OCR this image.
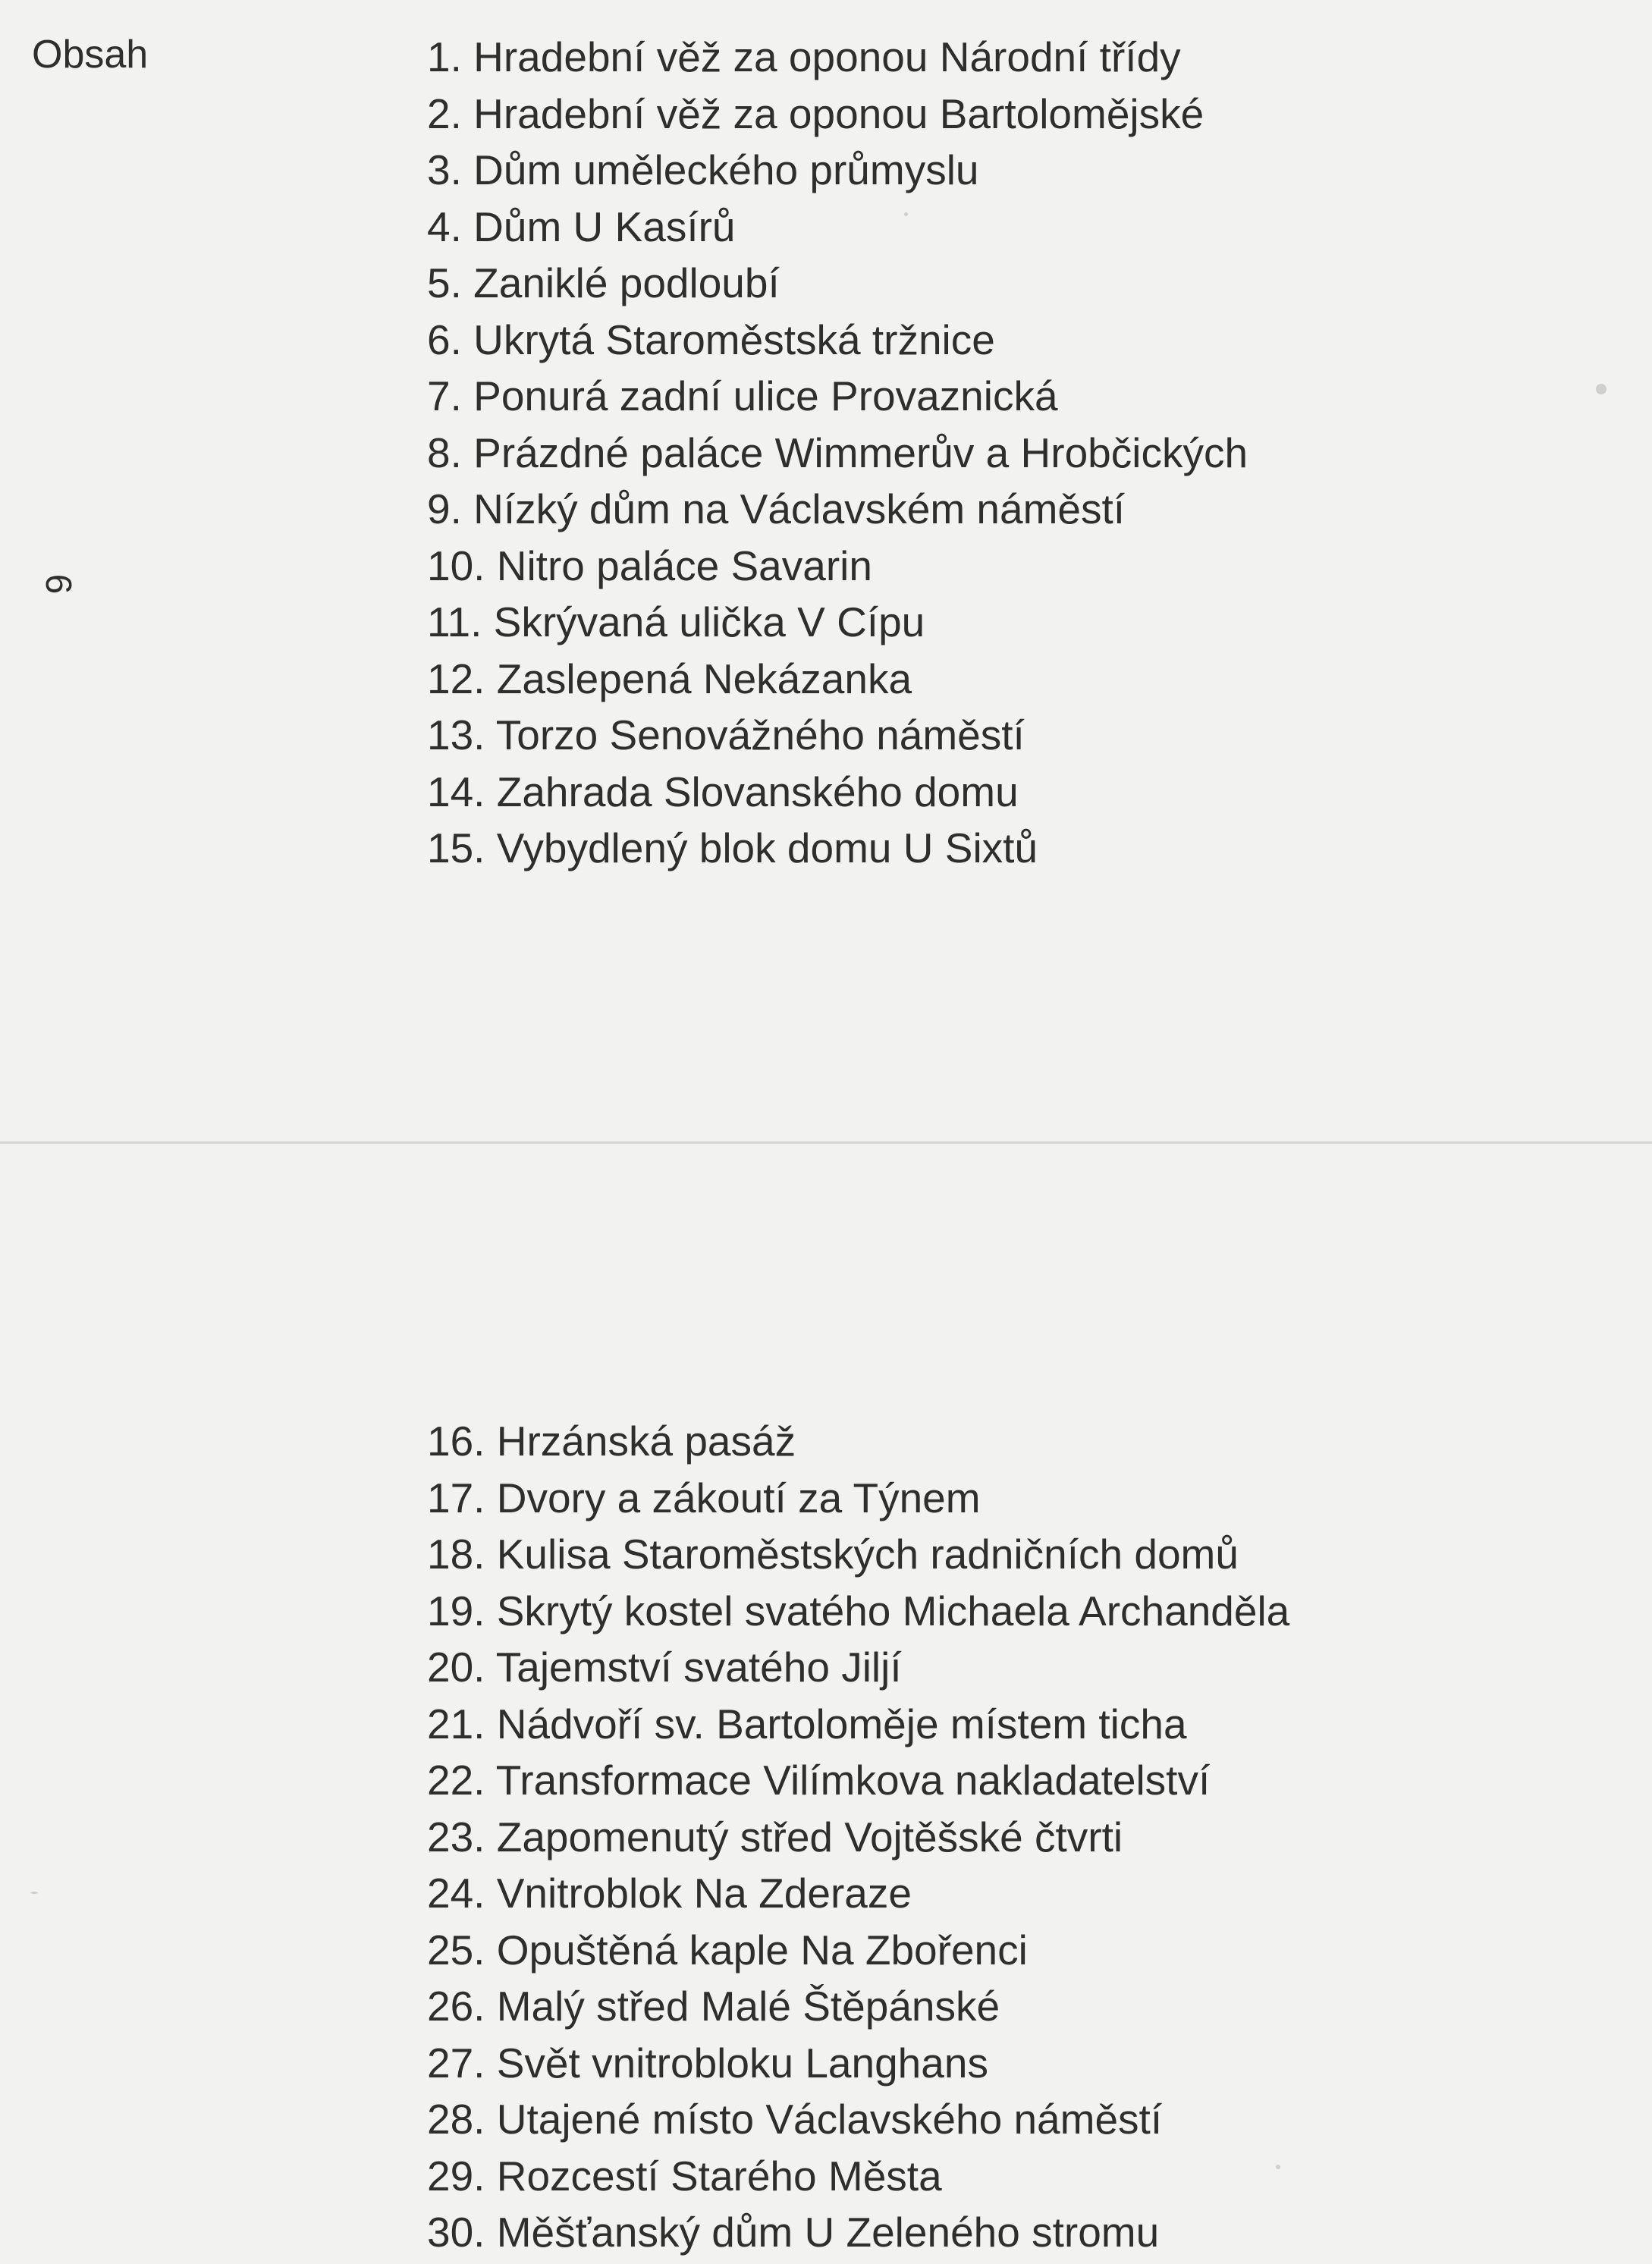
Obsah
6
1. Hradební věž za oponou Národní třídy
2. Hradební věž za oponou Bartolomějské
3. Dům uměleckého průmyslu
4. Dům U Kasírů
5. Zaniklé podloubí
6. Ukrytá Staroměstská tržnice
7. Ponurá zadní ulice Provaznická
8. Prázdné paláce Wimmerův a Hrobčických
9. Nízký dům na Václavském náměstí
10. Nitro paláce Savarin
11. Skrývaná ulička V Cípu
12. Zaslepená Nekázanka
13. Torzo Senovážného náměstí
14. Zahrada Slovanského domu
15. Vybydlený blok domu U Sixtů
16. Hrzánská pasáž
17. Dvory a zákoutí za Týnem
18. Kulisa Staroměstských radničních domů
19. Skrytý kostel svatého Michaela Archanděla
20. Tajemství svatého Jiljí
21. Nádvoří sv. Bartoloměje místem ticha
22. Transformace Vilímkova nakladatelství
23. Zapomenutý střed Vojtěšské čtvrti
24. Vnitroblok Na Zderaze
25. Opuštěná kaple Na Zbořenci
26. Malý střed Malé Štěpánské
27. Svět vnitrobloku Langhans
28. Utajené místo Václavského náměstí
29. Rozcestí Starého Města
30. Měšťanský dům U Zeleného stromu
